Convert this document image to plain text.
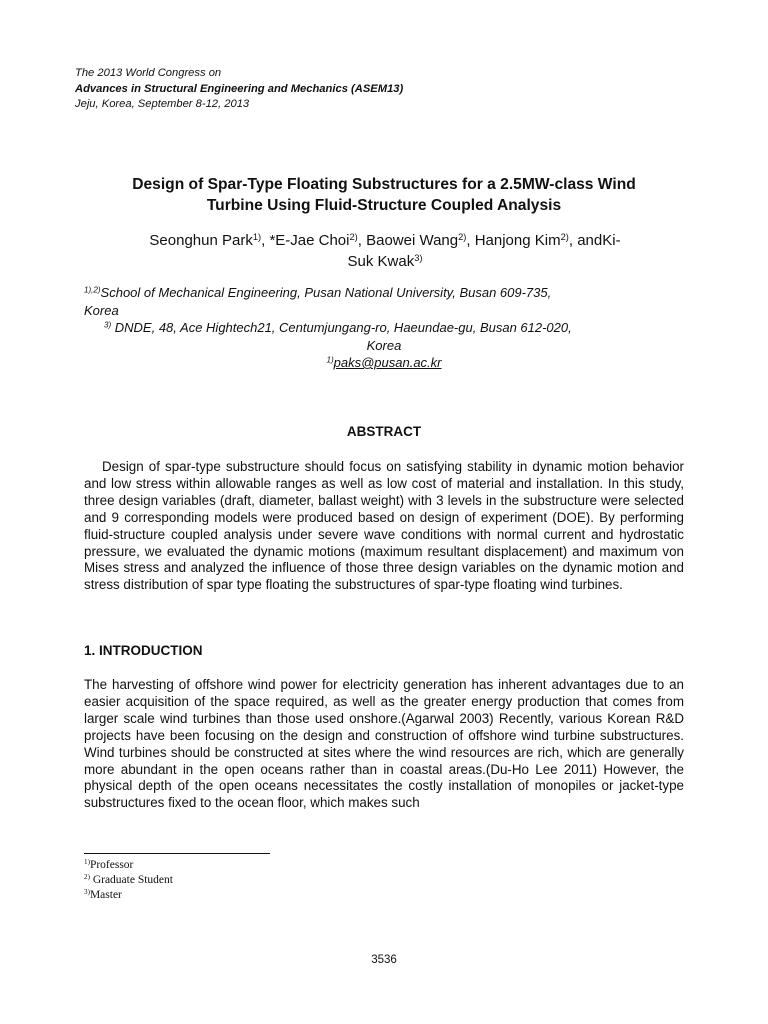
The 2013 World Congress on
Advances in Structural Engineering and Mechanics (ASEM13)
Jeju, Korea, September 8-12, 2013
Design of Spar-Type Floating Substructures for a 2.5MW-class Wind
Turbine Using Fluid-Structure Coupled Analysis
Seonghun Park$^{1)}$, *E-Jae Choi$^{2)}$, Baowei Wang$^{2)}$, Hanjong Kim$^{2)}$, andKi-
Suk Kwak$^{3)}$
$^{1),2)}$School of Mechanical Engineering, Pusan National University, Busan 609-735,
Korea
$^{3)}$ DNDE, 48, Ace Hightech21, Centumjungang-ro, Haeundae-gu, Busan 612-020,
Korea
$^{1)}$paks@pusan.ac.kr
ABSTRACT
Design of spar-type substructure should focus on satisfying stability in dynamic motion behavior and low stress within allowable ranges as well as low cost of material and installation. In this study, three design variables (draft, diameter, ballast weight) with 3 levels in the substructure were selected and 9 corresponding models were produced based on design of experiment (DOE). By performing fluid-structure coupled analysis under severe wave conditions with normal current and hydrostatic pressure, we evaluated the dynamic motions (maximum resultant displacement) and maximum von Mises stress and analyzed the influence of those three design variables on the dynamic motion and stress distribution of spar type floating the substructures of spar-type floating wind turbines.
1. INTRODUCTION
The harvesting of offshore wind power for electricity generation has inherent advantages due to an easier acquisition of the space required, as well as the greater energy production that comes from larger scale wind turbines than those used onshore.(Agarwal 2003) Recently, various Korean R&D projects have been focusing on the design and construction of offshore wind turbine substructures. Wind turbines should be constructed at sites where the wind resources are rich, which are generally more abundant in the open oceans rather than in coastal areas.(Du-Ho Lee 2011) However, the physical depth of the open oceans necessitates the costly installation of monopiles or jacket-type substructures fixed to the ocean floor, which makes such
$^{1)}$Professor
$^{2)}$ Graduate Student
$^{3)}$Master
3536
